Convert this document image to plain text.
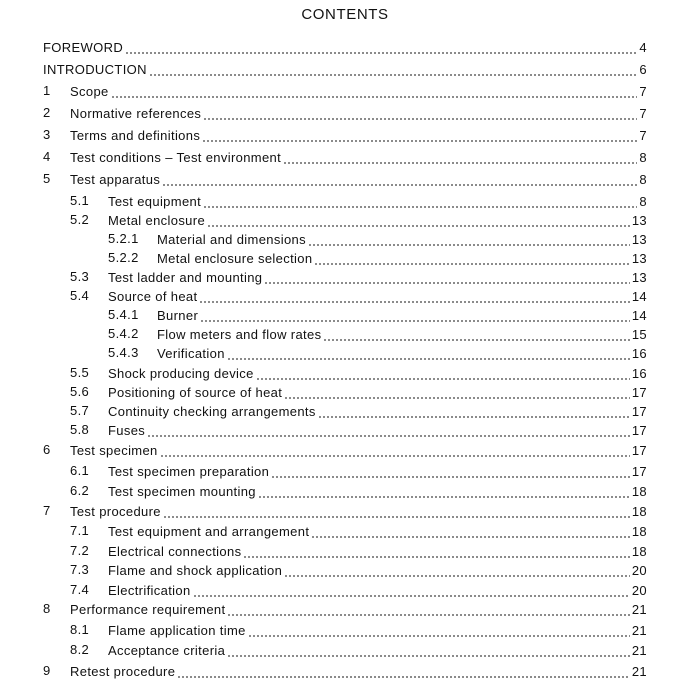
CONTENTS
FOREWORD	4
INTRODUCTION	6
1 Scope	7
2 Normative references	7
3 Terms and definitions	7
4 Test conditions – Test environment	8
5 Test apparatus	8
5.1 Test equipment	8
5.2 Metal enclosure	13
5.2.1 Material and dimensions	13
5.2.2 Metal enclosure selection	13
5.3 Test ladder and mounting	13
5.4 Source of heat	14
5.4.1 Burner	14
5.4.2 Flow meters and flow rates	15
5.4.3 Verification	16
5.5 Shock producing device	16
5.6 Positioning of source of heat	17
5.7 Continuity checking arrangements	17
5.8 Fuses	17
6 Test specimen	17
6.1 Test specimen preparation	17
6.2 Test specimen mounting	18
7 Test procedure	18
7.1 Test equipment and arrangement	18
7.2 Electrical connections	18
7.3 Flame and shock application	20
7.4 Electrification	20
8 Performance requirement	21
8.1 Flame application time	21
8.2 Acceptance criteria	21
9 Retest procedure	21
